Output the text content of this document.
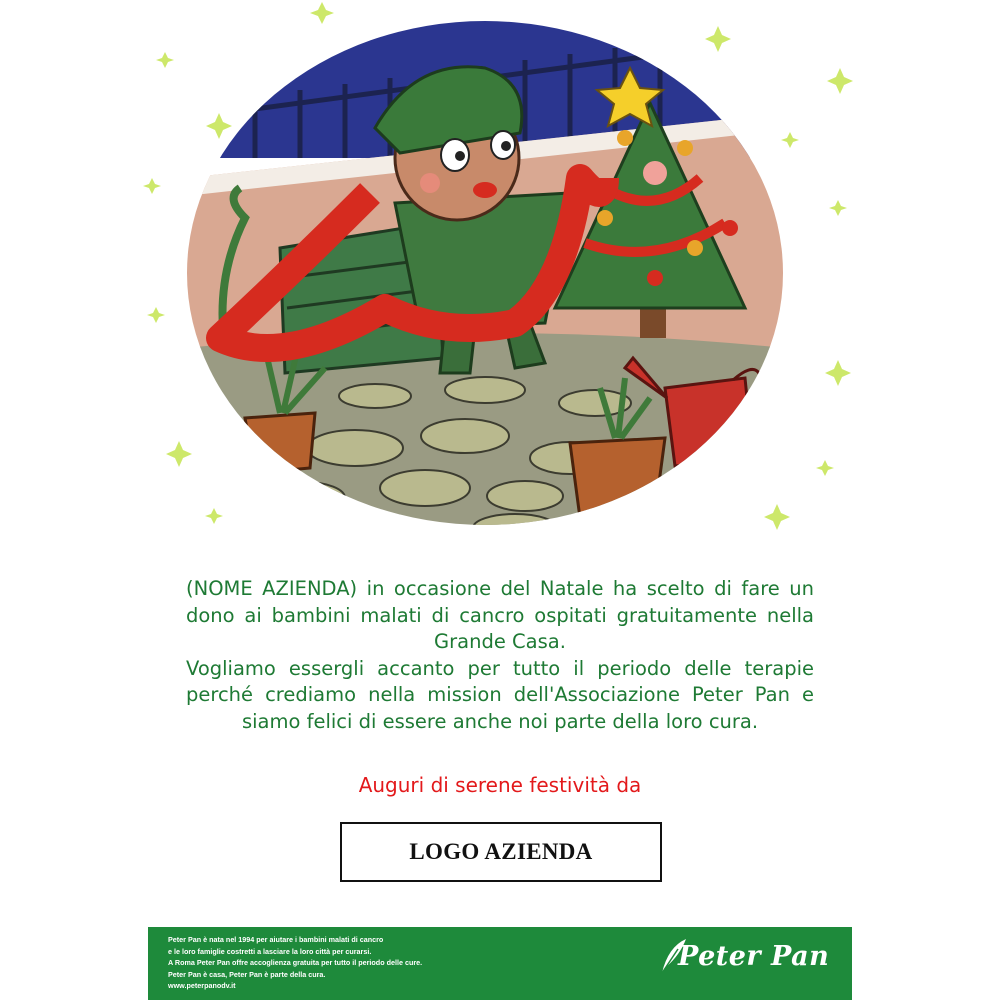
(NOME AZIENDA) in occasione del Natale ha scelto di fare un dono ai bambini malati di cancro ospitati gratuitamente nella Grande Casa.

Vogliamo essergli accanto per tutto il periodo delle terapie perché crediamo nella mission dell'Associazione Peter Pan e siamo felici di essere anche noi parte della loro cura.

Auguri di serene festività da
LOGO AZIENDA
Peter Pan è nata nel 1994 per aiutare i bambini malati di cancro
e le loro famiglie costretti a lasciare la loro città per curarsi.
A Roma Peter Pan offre accoglienza gratuita per tutto il periodo delle cure.
Peter Pan è casa, Peter Pan è parte della cura.
www.peterpanodv.it
Peter Pan
